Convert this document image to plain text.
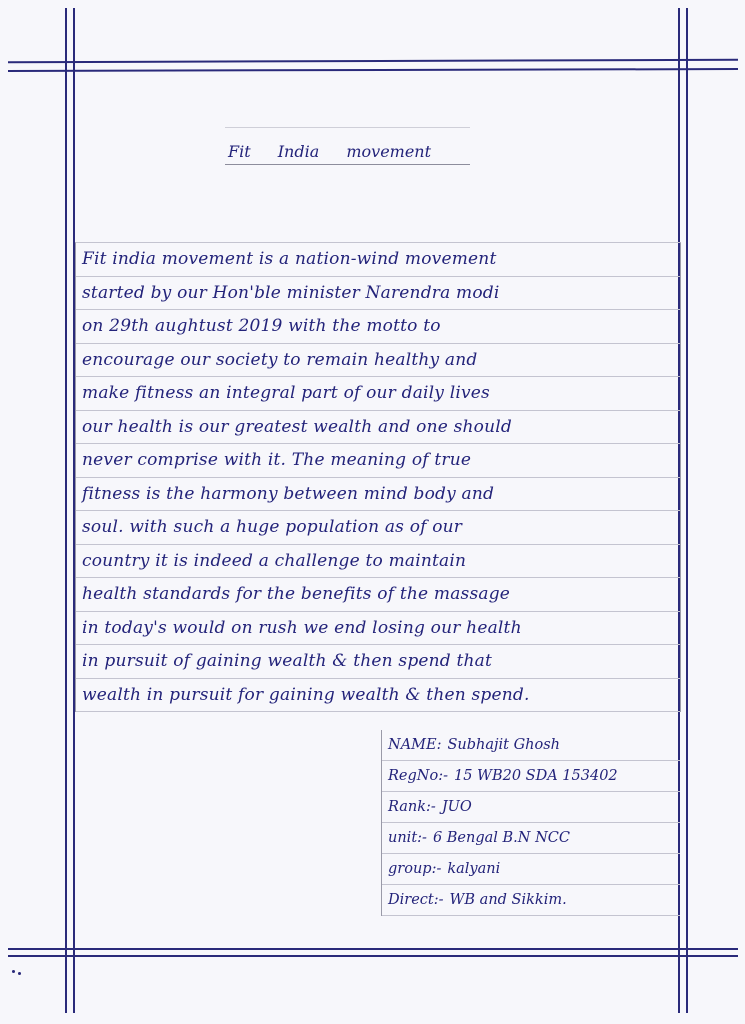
Fit India movement
Fit india movement is a nation-wind movement
started by our Hon'ble minister Narendra modi
on 29th aughtust 2019 with the motto to
encourage our society to remain healthy and
make fitness an integral part of our daily lives
our health is our greatest wealth and one should
never comprise with it. The meaning of true
fitness is the harmony between mind body and
soul. with such a huge population as of our
country it is indeed a challenge to maintain
health standards for the benefits of the massage
in today's would on rush we end losing our health
in pursuit of gaining wealth & then spend that
wealth in pursuit for gaining wealth & then spend.
NAME: Subhajit Ghosh
RegNo:- 15 WB20 SDA 153402
Rank:- JUO
unit:- 6 Bengal B.N NCC
group:- kalyani
Direct:- WB and Sikkim.
